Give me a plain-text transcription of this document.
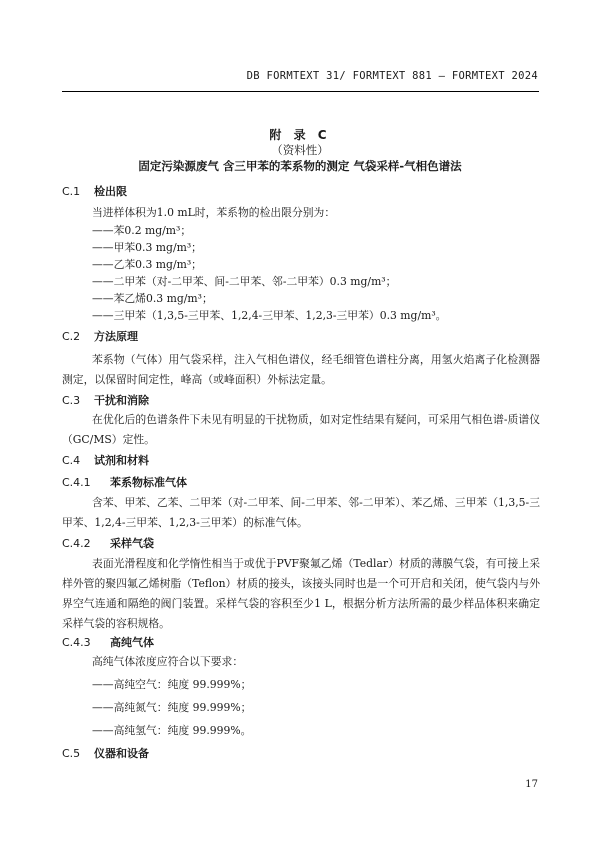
DB FORMTEXT 31/ FORMTEXT 881 — FORMTEXT 2024
附 录 C
（资料性）
固定污染源废气 含三甲苯的苯系物的测定 气袋采样-气相色谱法
C.1 检出限
当进样体积为1.0 mL时，苯系物的检出限分别为：
——苯0.2 mg/m³；
——甲苯0.3 mg/m³；
——乙苯0.3 mg/m³；
——二甲苯（对-二甲苯、间-二甲苯、邻-二甲苯）0.3 mg/m³；
——苯乙烯0.3 mg/m³；
——三甲苯（1,3,5-三甲苯、1,2,4-三甲苯、1,2,3-三甲苯）0.3 mg/m³。
C.2 方法原理
苯系物（气体）用气袋采样，注入气相色谱仪，经毛细管色谱柱分离，用氢火焰离子化检测器测定，以保留时间定性，峰高（或峰面积）外标法定量。
C.3 干扰和消除
在优化后的色谱条件下未见有明显的干扰物质，如对定性结果有疑问，可采用气相色谱-质谱仪（GC/MS）定性。
C.4 试剂和材料
C.4.1 苯系物标准气体
含苯、甲苯、乙苯、二甲苯（对-二甲苯、间-二甲苯、邻-二甲苯）、苯乙烯、三甲苯（1,3,5-三甲苯、1,2,4-三甲苯、1,2,3-三甲苯）的标准气体。
C.4.2 采样气袋
表面光滑程度和化学惰性相当于或优于PVF聚氟乙烯（Tedlar）材质的薄膜气袋，有可接上采样外管的聚四氟乙烯树脂（Teflon）材质的接头，该接头同时也是一个可开启和关闭，使气袋内与外界空气连通和隔绝的阀门装置。采样气袋的容积至少1 L，根据分析方法所需的最少样品体积来确定采样气袋的容积规格。
C.4.3 高纯气体
高纯气体浓度应符合以下要求：
——高纯空气：纯度 99.999%；
——高纯氮气：纯度 99.999%；
——高纯氢气：纯度 99.999%。
C.5 仪器和设备
17
